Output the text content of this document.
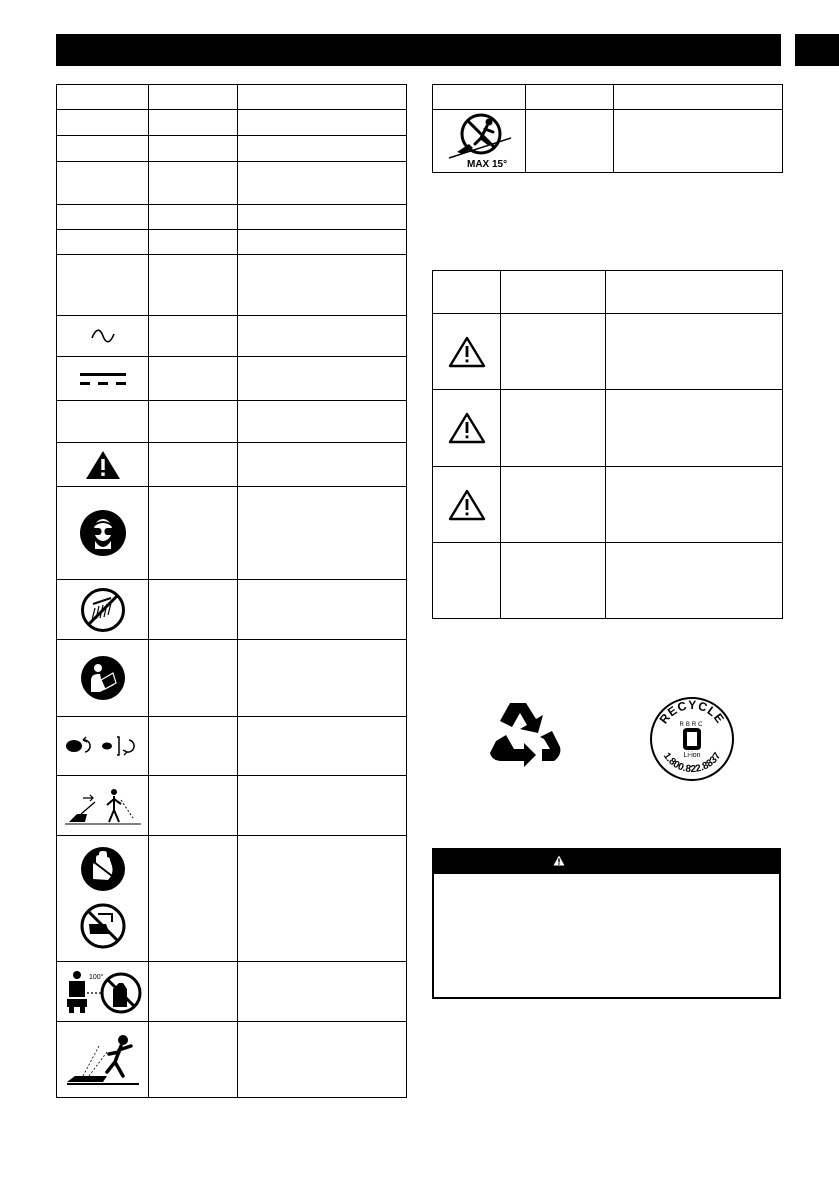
100°		

MAX 15°		

RECYCLE
RBRC
Li-ion
1.800.822.8837
